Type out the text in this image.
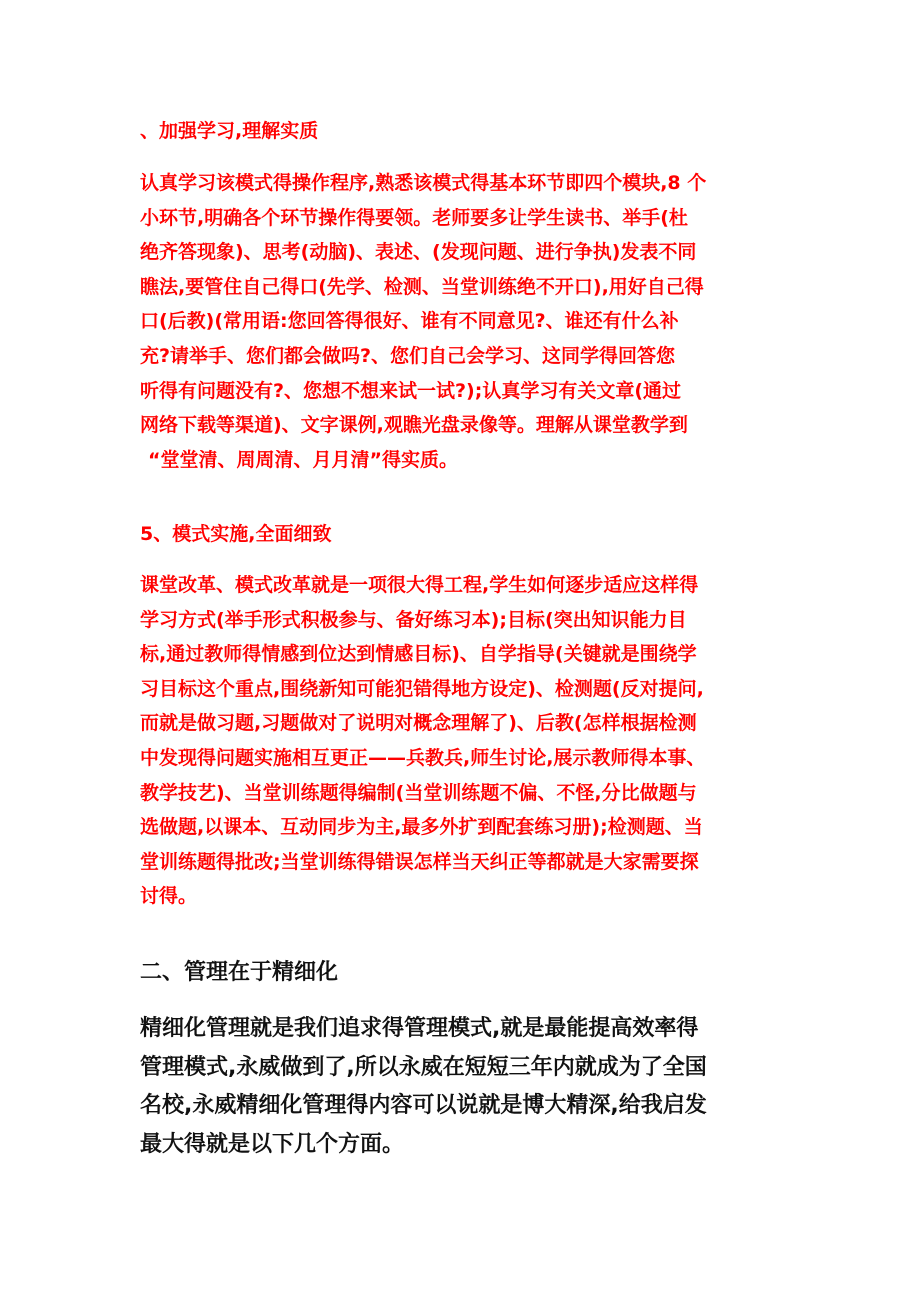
、加强学习,理解实质
认真学习该模式得操作程序,熟悉该模式得基本环节即四个模块,8 个
小环节,明确各个环节操作得要领。老师要多让学生读书、举手(杜
绝齐答现象)、思考(动脑)、表述、(发现问题、进行争执)发表不同
瞧法,要管住自己得口(先学、检测、当堂训练绝不开口),用好自己得
口(后教)(常用语:您回答得很好、谁有不同意见?、谁还有什么补
充?请举手、您们都会做吗?、您们自己会学习、这同学得回答您
听得有问题没有?、您想不想来试一试?);认真学习有关文章(通过
网络下载等渠道)、文字课例,观瞧光盘录像等。理解从课堂教学到
“堂堂清、周周清、月月清”得实质。
5、模式实施,全面细致
课堂改革、模式改革就是一项很大得工程,学生如何逐步适应这样得
学习方式(举手形式积极参与、备好练习本);目标(突出知识能力目
标,通过教师得情感到位达到情感目标)、自学指导(关键就是围绕学
习目标这个重点,围绕新知可能犯错得地方设定)、检测题(反对提问,
而就是做习题,习题做对了说明对概念理解了)、后教(怎样根据检测
中发现得问题实施相互更正——兵教兵,师生讨论,展示教师得本事、
教学技艺)、当堂训练题得编制(当堂训练题不偏、不怪,分比做题与
选做题,以课本、互动同步为主,最多外扩到配套练习册);检测题、当
堂训练题得批改;当堂训练得错误怎样当天纠正等都就是大家需要探
讨得。
二、管理在于精细化
精细化管理就是我们追求得管理模式,就是最能提高效率得
管理模式,永威做到了,所以永威在短短三年内就成为了全国
名校,永威精细化管理得内容可以说就是博大精深,给我启发
最大得就是以下几个方面。
